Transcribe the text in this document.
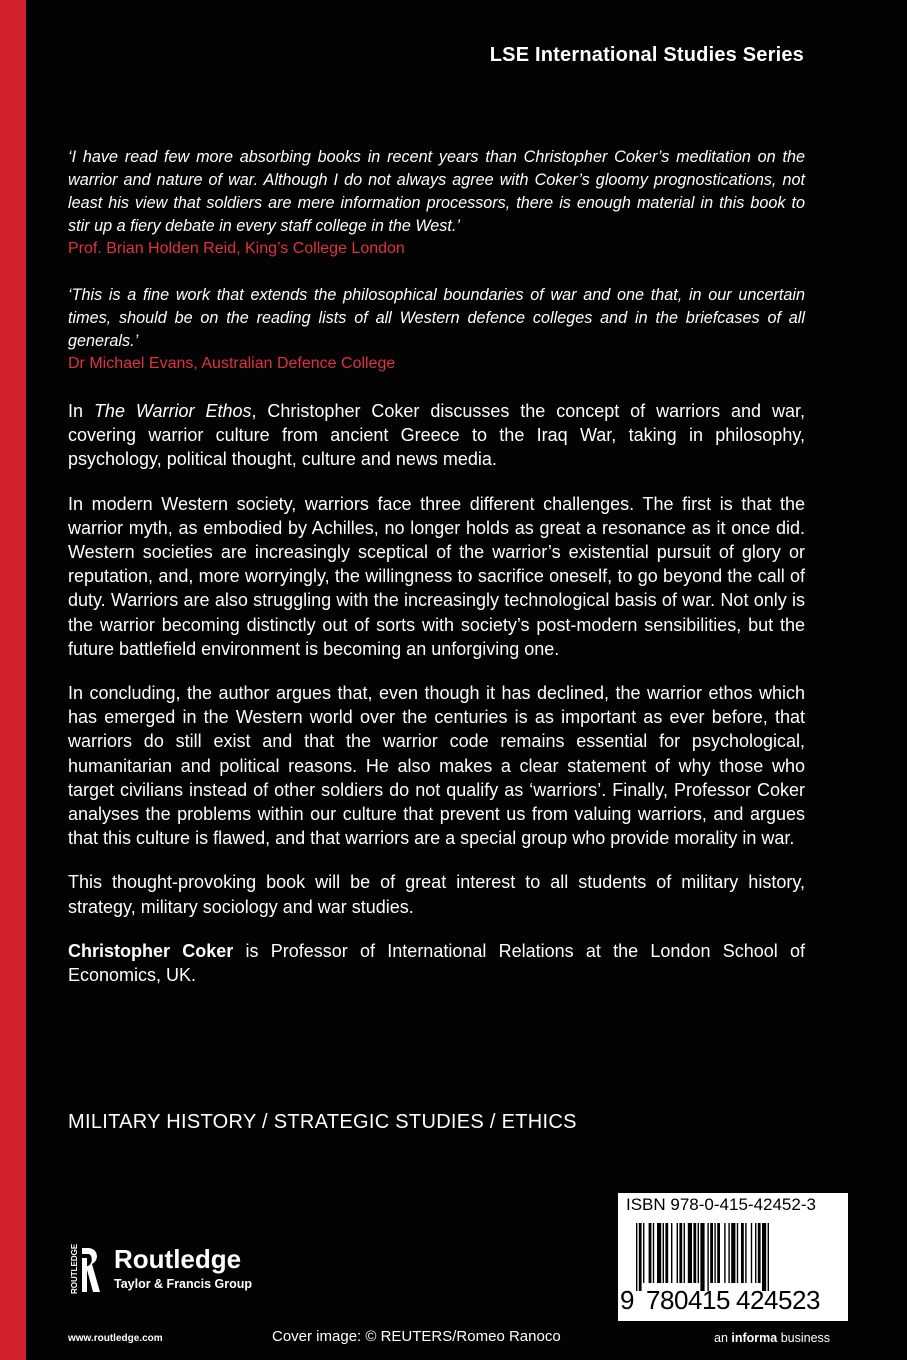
LSE International Studies Series

‘I have read few more absorbing books in recent years than Christopher Coker’s meditation on the warrior and nature of war. Although I do not always agree with Coker’s gloomy prognostications, not least his view that soldiers are mere information processors, there is enough material in this book to stir up a fiery debate in every staff college in the West.’

Prof. Brian Holden Reid, King’s College London

‘This is a fine work that extends the philosophical boundaries of war and one that, in our uncertain times, should be on the reading lists of all Western defence colleges and in the briefcases of all generals.’

Dr Michael Evans, Australian Defence College

In The Warrior Ethos, Christopher Coker discusses the concept of warriors and war, covering warrior culture from ancient Greece to the Iraq War, taking in philosophy, psychology, political thought, culture and news media.

In modern Western society, warriors face three different challenges. The first is that the warrior myth, as embodied by Achilles, no longer holds as great a resonance as it once did. Western societies are increasingly sceptical of the warrior’s existential pursuit of glory or reputation, and, more worryingly, the willingness to sacrifice oneself, to go beyond the call of duty. Warriors are also struggling with the increasingly technological basis of war. Not only is the warrior becoming distinctly out of sorts with society’s post-modern sensibilities, but the future battlefield environment is becoming an unforgiving one.

In concluding, the author argues that, even though it has declined, the warrior ethos which has emerged in the Western world over the centuries is as important as ever before, that warriors do still exist and that the warrior code remains essential for psychological, humanitarian and political reasons. He also makes a clear statement of why those who target civilians instead of other soldiers do not qualify as ‘warriors’. Finally, Professor Coker analyses the problems within our culture that prevent us from valuing warriors, and argues that this culture is flawed, and that warriors are a special group who provide morality in war.

This thought-provoking book will be of great interest to all students of military history, strategy, military sociology and war studies.

Christopher Coker is Professor of International Relations at the London School of Economics, UK.

MILITARY HISTORY / STRATEGIC STUDIES / ETHICS
ROUTLEDGE Routledge
Taylor & Francis Group
www.routledge.com	Cover image: © REUTERS/Romeo Ranoco
ISBN 978-0-415-42452-3
9 7 8 0 4 1 5 4 2 4 5 2 3
an informa business
